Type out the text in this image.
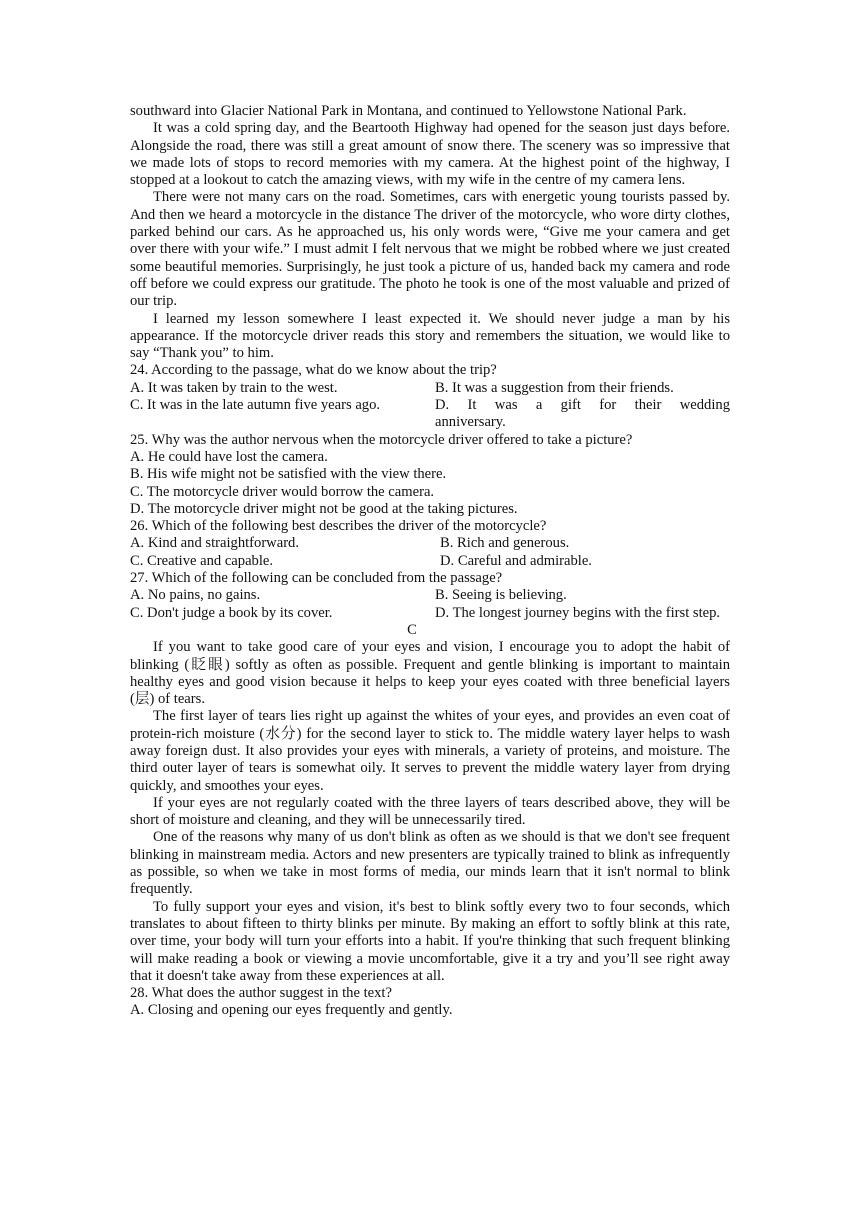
southward into Glacier National Park in Montana, and continued to Yellowstone National Park.

It was a cold spring day, and the Beartooth Highway had opened for the season just days before. Alongside the road, there was still a great amount of snow there. The scenery was so impressive that we made lots of stops to record memories with my camera. At the highest point of the highway, I stopped at a lookout to catch the amazing views, with my wife in the centre of my camera lens.

There were not many cars on the road. Sometimes, cars with energetic young tourists passed by. And then we heard a motorcycle in the distance The driver of the motorcycle, who wore dirty clothes, parked behind our cars. As he approached us, his only words were, “Give me your camera and get over there with your wife.” I must admit I felt nervous that we might be robbed where we just created some beautiful memories. Surprisingly, he just took a picture of us, handed back my camera and rode off before we could express our gratitude. The photo he took is one of the most valuable and prized of our trip.

I learned my lesson somewhere I least expected it. We should never judge a man by his appearance. If the motorcycle driver reads this story and remembers the situation, we would like to say “Thank you” to him.

24. According to the passage, what do we know about the trip?
A. It was taken by train to the west.	B. It was a suggestion from their friends.
C. It was in the late autumn five years ago.	D. It was a gift for their wedding
anniversary.
25. Why was the author nervous when the motorcycle driver offered to take a picture?
A. He could have lost the camera.
B. His wife might not be satisfied with the view there.
C. The motorcycle driver would borrow the camera.
D. The motorcycle driver might not be good at the taking pictures.
26. Which of the following best describes the driver of the motorcycle?
A. Kind and straightforward.	B. Rich and generous.
C. Creative and capable.	D. Careful and admirable.
27. Which of the following can be concluded from the passage?
A. No pains, no gains.	B. Seeing is believing.
C. Don't judge a book by its cover.	D. The longest journey begins with the first step.
C

If you want to take good care of your eyes and vision, I encourage you to adopt the habit of blinking (眨眼) softly as often as possible. Frequent and gentle blinking is important to maintain healthy eyes and good vision because it helps to keep your eyes coated with three beneficial layers (层) of tears.

The first layer of tears lies right up against the whites of your eyes, and provides an even coat of protein-rich moisture (水分) for the second layer to stick to. The middle watery layer helps to wash away foreign dust. It also provides your eyes with minerals, a variety of proteins, and moisture. The third outer layer of tears is somewhat oily. It serves to prevent the middle watery layer from drying quickly, and smoothes your eyes.

If your eyes are not regularly coated with the three layers of tears described above, they will be short of moisture and cleaning, and they will be unnecessarily tired.

One of the reasons why many of us don't blink as often as we should is that we don't see frequent blinking in mainstream media. Actors and new presenters are typically trained to blink as infrequently as possible, so when we take in most forms of media, our minds learn that it isn't normal to blink frequently.

To fully support your eyes and vision, it's best to blink softly every two to four seconds, which translates to about fifteen to thirty blinks per minute. By making an effort to softly blink at this rate, over time, your body will turn your efforts into a habit. If you're thinking that such frequent blinking will make reading a book or viewing a movie uncomfortable, give it a try and you’ll see right away that it doesn't take away from these experiences at all.

28. What does the author suggest in the text?
A. Closing and opening our eyes frequently and gently.
